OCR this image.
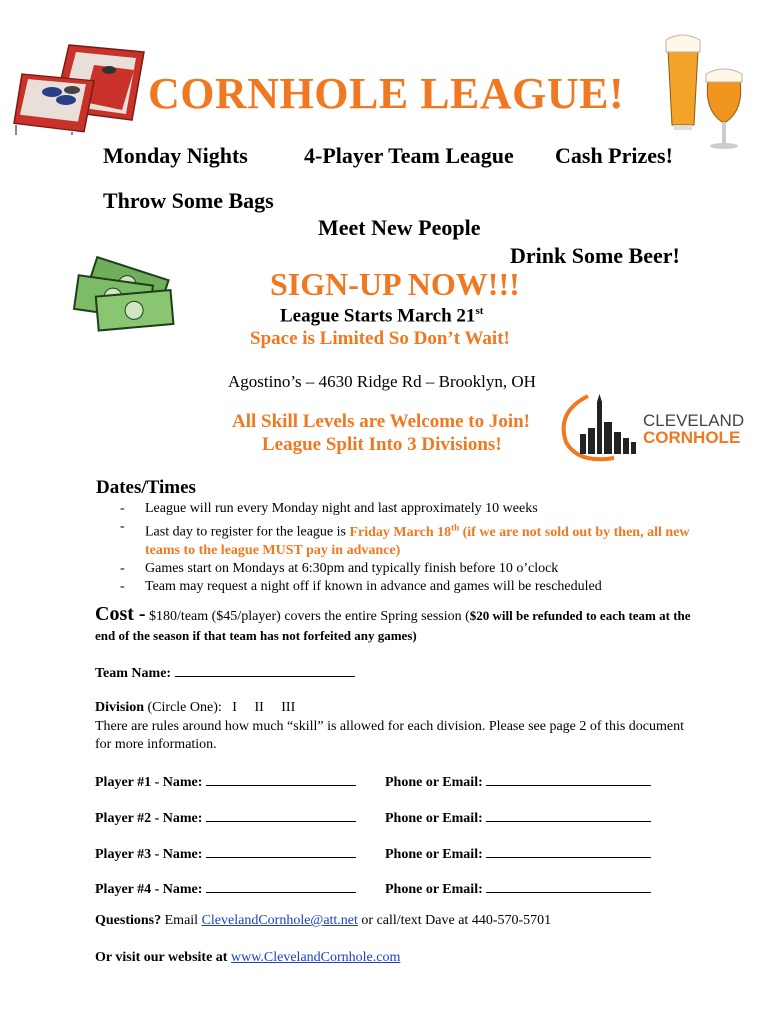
CORNHOLE LEAGUE!
Monday Nights	4-Player Team League Cash Prizes!
Throw Some Bags
Meet New People
Drink Some Beer!
SIGN-UP NOW!!!
League Starts March 21st
Space is Limited So Don’t Wait!
Agostino’s – 4630 Ridge Rd – Brooklyn, OH
All Skill Levels are Welcome to Join!
League Split Into 3 Divisions!
CLEVELAND
CORNHOLE
Dates/Times
- League will run every Monday night and last approximately 10 weeks
- Last day to register for the league is Friday March 18th (if we are not sold out by then, all new teams to the league MUST pay in advance)
- Games start on Mondays at 6:30pm and typically finish before 10 o’clock
- Team may request a night off if known in advance and games will be rescheduled
Cost - $180/team ($45/player) covers the entire Spring session ($20 will be refunded to each team at the end of the season if that team has not forfeited any games)
Team Name:
Division (Circle One): I II III
There are rules around how much “skill” is allowed for each division. Please see page 2 of this document for more information.
Player #1 - Name:	Phone or Email:
Player #2 - Name:	Phone or Email:
Player #3 - Name:	Phone or Email:
Player #4 - Name:	Phone or Email:
Questions? Email ClevelandCornhole@att.net or call/text Dave at 440-570-5701
Or visit our website at www.ClevelandCornhole.com
